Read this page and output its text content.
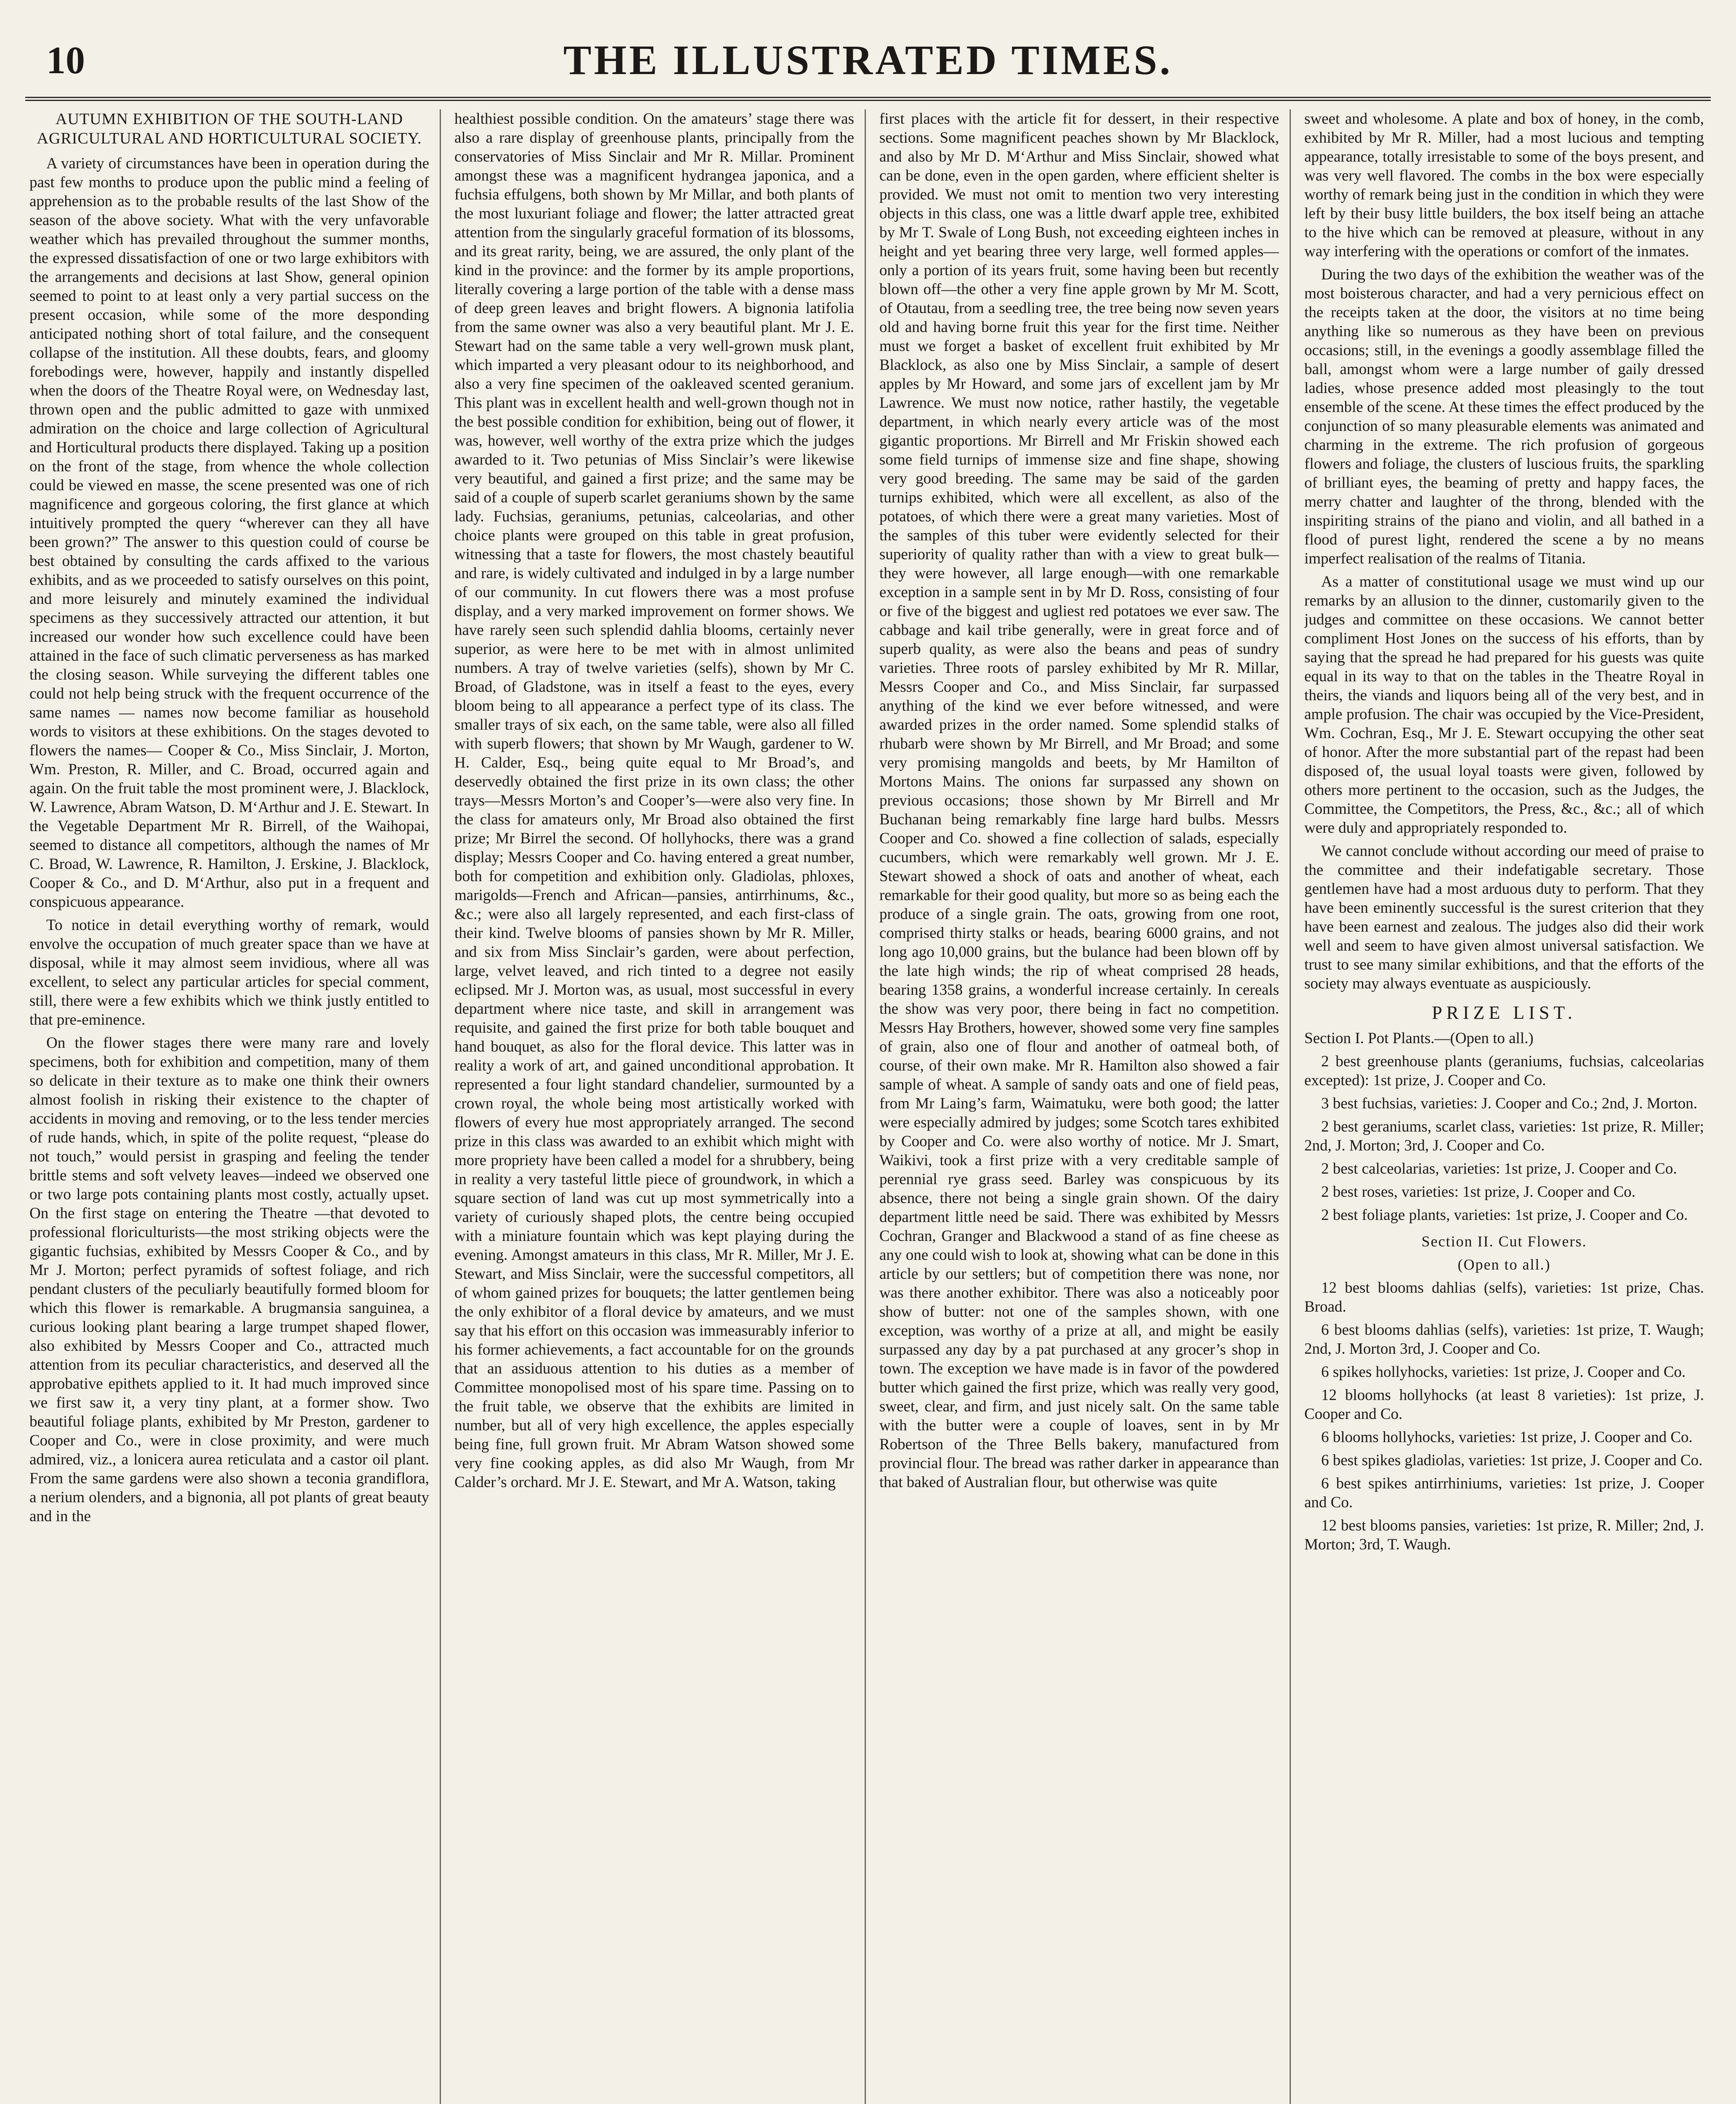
10	THE ILLUSTRATED TIMES.
AUTUMN EXHIBITION OF THE SOUTH-LAND AGRICULTURAL AND HORTICULTURAL SOCIETY.

A variety of circumstances have been in operation during the past few months to produce upon the public mind a feeling of apprehension as to the probable results of the last Show of the season of the above society. What with the very unfavorable weather which has prevailed throughout the summer months, the expressed dissatisfaction of one or two large exhibitors with the arrangements and decisions at last Show, general opinion seemed to point to at least only a very partial success on the present occasion, while some of the more desponding anticipated nothing short of total failure, and the consequent collapse of the institution. All these doubts, fears, and gloomy forebodings were, however, happily and instantly dispelled when the doors of the Theatre Royal were, on Wednesday last, thrown open and the public admitted to gaze with unmixed admiration on the choice and large collection of Agricultural and Horticultural products there displayed. Taking up a position on the front of the stage, from whence the whole collection could be viewed en masse, the scene presented was one of rich magnificence and gorgeous coloring, the first glance at which intuitively prompted the query “wherever can they all have been grown?” The answer to this question could of course be best obtained by consulting the cards affixed to the various exhibits, and as we proceeded to satisfy ourselves on this point, and more leisurely and minutely examined the individual specimens as they successively attracted our attention, it but increased our wonder how such excellence could have been attained in the face of such climatic perverseness as has marked the closing season. While surveying the different tables one could not help being struck with the frequent occurrence of the same names — names now become familiar as household words to visitors at these exhibitions. On the stages devoted to flowers the names— Cooper & Co., Miss Sinclair, J. Morton, Wm. Preston, R. Miller, and C. Broad, occurred again and again. On the fruit table the most prominent were, J. Blacklock, W. Lawrence, Abram Watson, D. M‘Arthur and J. E. Stewart. In the Vegetable Department Mr R. Birrell, of the Waihopai, seemed to distance all competitors, although the names of Mr C. Broad, W. Lawrence, R. Hamilton, J. Erskine, J. Blacklock, Cooper & Co., and D. M‘Arthur, also put in a frequent and conspicuous appearance.

To notice in detail everything worthy of remark, would envolve the occupation of much greater space than we have at disposal, while it may almost seem invidious, where all was excellent, to select any particular articles for special comment, still, there were a few exhibits which we think justly entitled to that pre-eminence.

On the flower stages there were many rare and lovely specimens, both for exhibition and competition, many of them so delicate in their texture as to make one think their owners almost foolish in risking their existence to the chapter of accidents in moving and removing, or to the less tender mercies of rude hands, which, in spite of the polite request, “please do not touch,” would persist in grasping and feeling the tender brittle stems and soft velvety leaves—indeed we observed one or two large pots containing plants most costly, actually upset. On the first stage on entering the Theatre —that devoted to professional floriculturists—the most striking objects were the gigantic fuchsias, exhibited by Messrs Cooper & Co., and by Mr J. Morton; perfect pyramids of softest foliage, and rich pendant clusters of the peculiarly beautifully formed bloom for which this flower is remarkable. A brugmansia sanguinea, a curious looking plant bearing a large trumpet shaped flower, also exhibited by Messrs Cooper and Co., attracted much attention from its peculiar characteristics, and deserved all the approbative epithets applied to it. It had much improved since we first saw it, a very tiny plant, at a former show. Two beautiful foliage plants, exhibited by Mr Preston, gardener to Cooper and Co., were in close proximity, and were much admired, viz., a lonicera aurea reticulata and a castor oil plant. From the same gardens were also shown a teconia grandiflora, a nerium olenders, and a bignonia, all pot plants of great beauty and in the

healthiest possible condition. On the amateurs’ stage there was also a rare display of greenhouse plants, principally from the conservatories of Miss Sinclair and Mr R. Millar. Prominent amongst these was a magnificent hydrangea japonica, and a fuchsia effulgens, both shown by Mr Millar, and both plants of the most luxuriant foliage and flower; the latter attracted great attention from the singularly graceful formation of its blossoms, and its great rarity, being, we are assured, the only plant of the kind in the province: and the former by its ample proportions, literally covering a large portion of the table with a dense mass of deep green leaves and bright flowers. A bignonia latifolia from the same owner was also a very beautiful plant. Mr J. E. Stewart had on the same table a very well-grown musk plant, which imparted a very pleasant odour to its neighborhood, and also a very fine specimen of the oakleaved scented geranium. This plant was in excellent health and well-grown though not in the best possible condition for exhibition, being out of flower, it was, however, well worthy of the extra prize which the judges awarded to it. Two petunias of Miss Sinclair’s were likewise very beautiful, and gained a first prize; and the same may be said of a couple of superb scarlet geraniums shown by the same lady. Fuchsias, geraniums, petunias, calceolarias, and other choice plants were grouped on this table in great profusion, witnessing that a taste for flowers, the most chastely beautiful and rare, is widely cultivated and indulged in by a large number of our community. In cut flowers there was a most profuse display, and a very marked improvement on former shows. We have rarely seen such splendid dahlia blooms, certainly never superior, as were here to be met with in almost unlimited numbers. A tray of twelve varieties (selfs), shown by Mr C. Broad, of Gladstone, was in itself a feast to the eyes, every bloom being to all appearance a perfect type of its class. The smaller trays of six each, on the same table, were also all filled with superb flowers; that shown by Mr Waugh, gardener to W. H. Calder, Esq., being quite equal to Mr Broad’s, and deservedly obtained the first prize in its own class; the other trays—Messrs Morton’s and Cooper’s—were also very fine. In the class for amateurs only, Mr Broad also obtained the first prize; Mr Birrel the second. Of hollyhocks, there was a grand display; Messrs Cooper and Co. having entered a great number, both for competition and exhibition only. Gladiolas, phloxes, marigolds—French and African—pansies, antirrhinums, &c., &c.; were also all largely represented, and each first-class of their kind. Twelve blooms of pansies shown by Mr R. Miller, and six from Miss Sinclair’s garden, were about perfection, large, velvet leaved, and rich tinted to a degree not easily eclipsed. Mr J. Morton was, as usual, most successful in every department where nice taste, and skill in arrangement was requisite, and gained the first prize for both table bouquet and hand bouquet, as also for the floral device. This latter was in reality a work of art, and gained unconditional approbation. It represented a four light standard chandelier, surmounted by a crown royal, the whole being most artistically worked with flowers of every hue most appropriately arranged. The second prize in this class was awarded to an exhibit which might with more propriety have been called a model for a shrubbery, being in reality a very tasteful little piece of groundwork, in which a square section of land was cut up most symmetrically into a variety of curiously shaped plots, the centre being occupied with a miniature fountain which was kept playing during the evening. Amongst amateurs in this class, Mr R. Miller, Mr J. E. Stewart, and Miss Sinclair, were the successful competitors, all of whom gained prizes for bouquets; the latter gentlemen being the only exhibitor of a floral device by amateurs, and we must say that his effort on this occasion was immeasurably inferior to his former achievements, a fact accountable for on the grounds that an assiduous attention to his duties as a member of Committee monopolised most of his spare time. Passing on to the fruit table, we observe that the exhibits are limited in number, but all of very high excellence, the apples especially being fine, full grown fruit. Mr Abram Watson showed some very fine cooking apples, as did also Mr Waugh, from Mr Calder’s orchard. Mr J. E. Stewart, and Mr A. Watson, taking

first places with the article fit for dessert, in their respective sections. Some magnificent peaches shown by Mr Blacklock, and also by Mr D. M‘Arthur and Miss Sinclair, showed what can be done, even in the open garden, where efficient shelter is provided. We must not omit to mention two very interesting objects in this class, one was a little dwarf apple tree, exhibited by Mr T. Swale of Long Bush, not exceeding eighteen inches in height and yet bearing three very large, well formed apples—only a portion of its years fruit, some having been but recently blown off—the other a very fine apple grown by Mr M. Scott, of Otautau, from a seedling tree, the tree being now seven years old and having borne fruit this year for the first time. Neither must we forget a basket of excellent fruit exhibited by Mr Blacklock, as also one by Miss Sinclair, a sample of desert apples by Mr Howard, and some jars of excellent jam by Mr Lawrence. We must now notice, rather hastily, the vegetable department, in which nearly every article was of the most gigantic proportions. Mr Birrell and Mr Friskin showed each some field turnips of immense size and fine shape, showing very good breeding. The same may be said of the garden turnips exhibited, which were all excellent, as also of the potatoes, of which there were a great many varieties. Most of the samples of this tuber were evidently selected for their superiority of quality rather than with a view to great bulk—they were however, all large enough—with one remarkable exception in a sample sent in by Mr D. Ross, consisting of four or five of the biggest and ugliest red potatoes we ever saw. The cabbage and kail tribe generally, were in great force and of superb quality, as were also the beans and peas of sundry varieties. Three roots of parsley exhibited by Mr R. Millar, Messrs Cooper and Co., and Miss Sinclair, far surpassed anything of the kind we ever before witnessed, and were awarded prizes in the order named. Some splendid stalks of rhubarb were shown by Mr Birrell, and Mr Broad; and some very promising mangolds and beets, by Mr Hamilton of Mortons Mains. The onions far surpassed any shown on previous occasions; those shown by Mr Birrell and Mr Buchanan being remarkably fine large hard bulbs. Messrs Cooper and Co. showed a fine collection of salads, especially cucumbers, which were remarkably well grown. Mr J. E. Stewart showed a shock of oats and another of wheat, each remarkable for their good quality, but more so as being each the produce of a single grain. The oats, growing from one root, comprised thirty stalks or heads, bearing 6000 grains, and not long ago 10,000 grains, but the bulance had been blown off by the late high winds; the rip of wheat comprised 28 heads, bearing 1358 grains, a wonderful increase certainly. In cereals the show was very poor, there being in fact no competition. Messrs Hay Brothers, however, showed some very fine samples of grain, also one of flour and another of oatmeal both, of course, of their own make. Mr R. Hamilton also showed a fair sample of wheat. A sample of sandy oats and one of field peas, from Mr Laing’s farm, Waimatuku, were both good; the latter were especially admired by judges; some Scotch tares exhibited by Cooper and Co. were also worthy of notice. Mr J. Smart, Waikivi, took a first prize with a very creditable sample of perennial rye grass seed. Barley was conspicuous by its absence, there not being a single grain shown. Of the dairy department little need be said. There was exhibited by Messrs Cochran, Granger and Blackwood a stand of as fine cheese as any one could wish to look at, showing what can be done in this article by our settlers; but of competition there was none, nor was there another exhibitor. There was also a noticeably poor show of butter: not one of the samples shown, with one exception, was worthy of a prize at all, and might be easily surpassed any day by a pat purchased at any grocer’s shop in town. The exception we have made is in favor of the powdered butter which gained the first prize, which was really very good, sweet, clear, and firm, and just nicely salt. On the same table with the butter were a couple of loaves, sent in by Mr Robertson of the Three Bells bakery, manufactured from provincial flour. The bread was rather darker in appearance than that baked of Australian flour, but otherwise was quite

sweet and wholesome. A plate and box of honey, in the comb, exhibited by Mr R. Miller, had a most lucious and tempting appearance, totally irresistable to some of the boys present, and was very well flavored. The combs in the box were especially worthy of remark being just in the condition in which they were left by their busy little builders, the box itself being an attache to the hive which can be removed at pleasure, without in any way interfering with the operations or comfort of the inmates.

During the two days of the exhibition the weather was of the most boisterous character, and had a very pernicious effect on the receipts taken at the door, the visitors at no time being anything like so numerous as they have been on previous occasions; still, in the evenings a goodly assemblage filled the ball, amongst whom were a large number of gaily dressed ladies, whose presence added most pleasingly to the tout ensemble of the scene. At these times the effect produced by the conjunction of so many pleasurable elements was animated and charming in the extreme. The rich profusion of gorgeous flowers and foliage, the clusters of luscious fruits, the sparkling of brilliant eyes, the beaming of pretty and happy faces, the merry chatter and laughter of the throng, blended with the inspiriting strains of the piano and violin, and all bathed in a flood of purest light, rendered the scene a by no means imperfect realisation of the realms of Titania.

As a matter of constitutional usage we must wind up our remarks by an allusion to the dinner, customarily given to the judges and committee on these occasions. We cannot better compliment Host Jones on the success of his efforts, than by saying that the spread he had prepared for his guests was quite equal in its way to that on the tables in the Theatre Royal in theirs, the viands and liquors being all of the very best, and in ample profusion. The chair was occupied by the Vice-President, Wm. Cochran, Esq., Mr J. E. Stewart occupying the other seat of honor. After the more substantial part of the repast had been disposed of, the usual loyal toasts were given, followed by others more pertinent to the occasion, such as the Judges, the Committee, the Competitors, the Press, &c., &c.; all of which were duly and appropriately responded to.

We cannot conclude without according our meed of praise to the committee and their indefatigable secretary. Those gentlemen have had a most arduous duty to perform. That they have been eminently successful is the surest criterion that they have been earnest and zealous. The judges also did their work well and seem to have given almost universal satisfaction. We trust to see many similar exhibitions, and that the efforts of the society may always eventuate as auspiciously.

PRIZE LIST.
Section I. Pot Plants.—(Open to all.)
2 best greenhouse plants (geraniums, fuchsias, calceolarias excepted): 1st prize, J. Cooper and Co.
3 best fuchsias, varieties: J. Cooper and Co.; 2nd, J. Morton.
2 best geraniums, scarlet class, varieties: 1st prize, R. Miller; 2nd, J. Morton; 3rd, J. Cooper and Co.
2 best calceolarias, varieties: 1st prize, J. Cooper and Co.
2 best roses, varieties: 1st prize, J. Cooper and Co.
2 best foliage plants, varieties: 1st prize, J. Cooper and Co.
Section II. Cut Flowers.
(Open to all.)
12 best blooms dahlias (selfs), varieties: 1st prize, Chas. Broad.
6 best blooms dahlias (selfs), varieties: 1st prize, T. Waugh; 2nd, J. Morton 3rd, J. Cooper and Co.
6 spikes hollyhocks, varieties: 1st prize, J. Cooper and Co.
12 blooms hollyhocks (at least 8 varieties): 1st prize, J. Cooper and Co.
6 blooms hollyhocks, varieties: 1st prize, J. Cooper and Co.
6 best spikes gladiolas, varieties: 1st prize, J. Cooper and Co.
6 best spikes antirrhiniums, varieties: 1st prize, J. Cooper and Co.
12 best blooms pansies, varieties: 1st prize, R. Miller; 2nd, J. Morton; 3rd, T. Waugh.
